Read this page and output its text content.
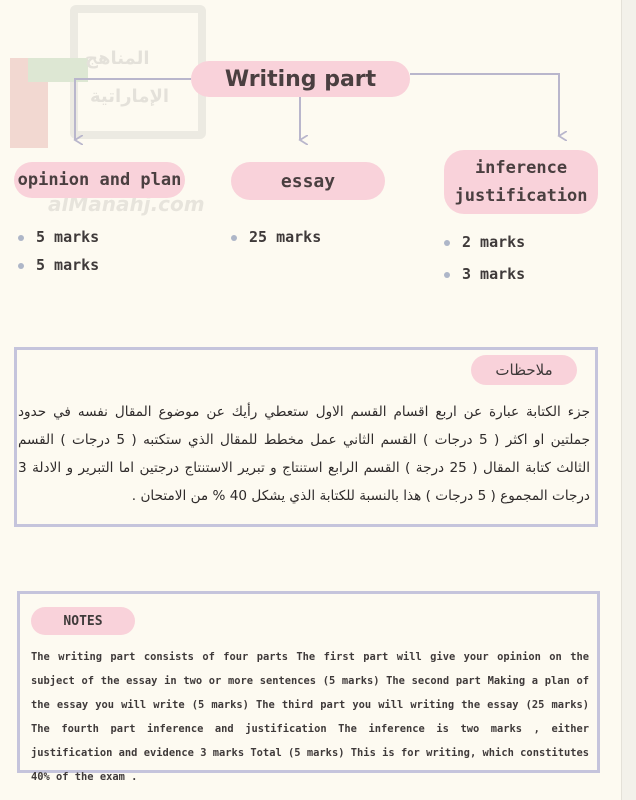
المناهج
الإماراتية
alManahj.com
Writing part
opinion and plan	essay
inference
justification
5 marks
5 marks
25 marks	2 marks
3 marks
ملاحظات
جزء الكتابة عبارة عن اربع اقسام القسم الاول ستعطي رأيك عن موضوع المقال نفسه في حدود جملتين او اكثر ( 5 درجات ) القسم الثاني عمل مخطط للمقال الذي ستكتبه ( 5 درجات ) القسم الثالث كتابة المقال ( 25 درجة ) القسم الرابع استنتاج و تبرير الاستنتاج درجتين اما التبرير و الادلة 3 درجات المجموع ( 5 درجات ) هذا بالنسبة للكتابة الذي يشكل 40 % من الامتحان .
NOTES
The writing part consists of four parts The first part will give your opinion on the subject of the essay in two or more sentences (5 marks) The second part Making a plan of the essay you will write (5 marks) The third part you will writing the essay (25 marks) The fourth part inference and justification The inference is two marks , either justification and evidence 3 marks Total (5 marks) This is for writing, which constitutes 40% of the exam .
